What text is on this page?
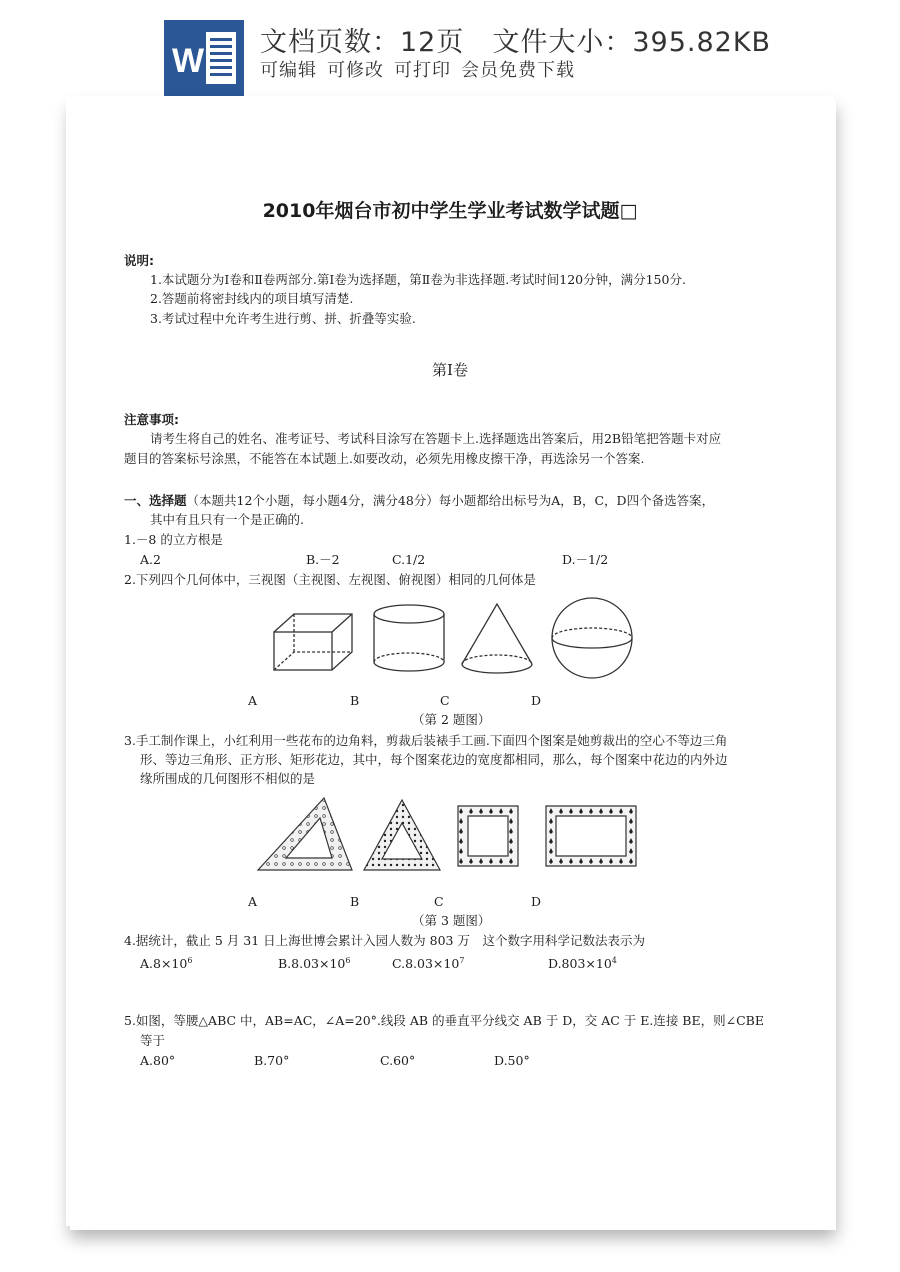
W 文档页数：12页 文件大小：395.82KB
可编辑 可修改 可打印 会员免费下载
2010年烟台市初中学生学业考试数学试题□
说明:
1.本试题分为Ⅰ卷和Ⅱ卷两部分.第Ⅰ卷为选择题，第Ⅱ卷为非选择题.考试时间120分钟，满分150分.
2.答题前将密封线内的项目填写清楚.
3.考试过程中允许考生进行剪、拼、折叠等实验.
第Ⅰ卷
注意事项:
请考生将自己的姓名、准考证号、考试科目涂写在答题卡上.选择题选出答案后，用2B铅笔把答题卡对应
题目的答案标号涂黑，不能答在本试题上.如要改动，必须先用橡皮擦干净，再选涂另一个答案.
一、选择题（本题共12个小题，每小题4分，满分48分）每小题都给出标号为A，B，C，D四个备选答案，
其中有且只有一个是正确的.
1.－8 的立方根是
A.2	B.－2	C.1/2	D.－1/2
2.下列四个几何体中，三视图（主视图、左视图、俯视图）相同的几何体是
A	B	C	D
（第 2 题图）
3.手工制作课上，小红利用一些花布的边角料，剪裁后装裱手工画.下面四个图案是她剪裁出的空心不等边三角
形、等边三角形、正方形、矩形花边，其中，每个图案花边的宽度都相同，那么，每个图案中花边的内外边
缘所围成的几何图形不相似的是
A	B	C	D
（第 3 题图）
4.据统计，截止 5 月 31 日上海世博会累计入园人数为 803 万　这个数字用科学记数法表示为
$A.8\times 10^6$	$B.8.03\times 10^6$	$C.8.03\times 10^7$	$D.803\times 10^4$
5.如图，等腰△ABC 中，AB=AC，∠A=20°.线段 AB 的垂直平分线交 AB 于 D，交 AC 于 E.连接 BE，则∠CBE
等于
A.80°	B.70°	C.60°	D.50°
